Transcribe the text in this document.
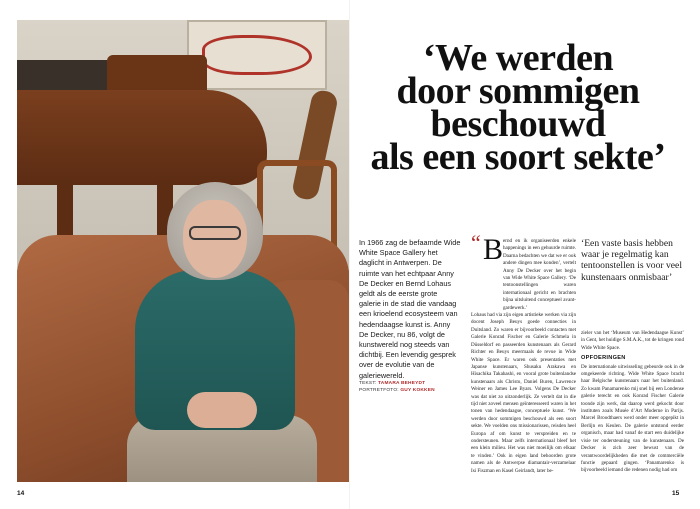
‘We werden
door sommigen
beschouwd
als een soort sekte’

In 1966 zag de befaamde Wide White Space Gallery het daglicht in Antwerpen. De ruimte van het echtpaar Anny De Decker en Bernd Lohaus geldt als de eerste grote galerie in de stad die vandaag een krioelend ecosysteem van hedendaagse kunst is. Anny De Decker, nu 86, volgt de kunstwereld nog steeds van dichtbij. Een levendig gesprek over de evolutie van de galeriewereld.

TEKST: TAMARA BEHEYDT
PORTRETFOTO: GUY KOKKEN
“ B ernd en ik organiseerden enkele happenings in een gehuurde ruimte. Daarna bedachten we dat we er ook andere dingen mee konden’, vertelt Anny De Decker over het begin van Wide White Space Gallery. ‘De tentoonstellingen waren internationaal gericht en brachten bijna uitsluitend conceptueel avant-gardewerk.’

Lohaus had via zijn eigen artistieke werken via zijn docent Joseph Beuys goede connecties in Duitsland. Zo waren er bijvoorbeeld contacten met Galerie Konrad Fischer en Galerie Schmela in Düsseldorf en passeerden kunstenaars als Gerard Richter en Beuys meermaals de revue in Wide White Space. Er waren ook presentaties met Japanse kunstenaars, Shusaku Arakawa en Hisachika Takahashi, en vooral grote buitenlandse kunstenaars als Christo, Daniel Buren, Lawrence Weiner en James Lee Byars. Volgens De Decker was dat niet zo uitzonderlijk. Ze vertelt dat in die tijd niet zoveel mensen geïnteresseerd waren in het tonen van hedendaagse, conceptuele kunst. ‘We werden door sommigen beschouwd als een soort sekte. We voelden ons missionarissen, reisden heel Europa af om kunst te verspreiden en te ondersteunen. Maar zelfs internationaal bleef het een klein milieu. Het was niet moeilijk om elkaar te vinden.’ Ook in eigen land behoorden grote namen als de Antwerpse diamantair-verzamelaar Isi Fiszman en Kasel Geirlandt, later be-

‘Een vaste basis hebben waar je regelmatig kan tentoonstellen is voor veel kunstenaars onmisbaar’

zieler van het ‘Museum van Hedendaagse Kunst’ in Gent, het huidige S.M.A.K., tot de kringen rond Wide White Space.

OPFOERINGEN

De internationale uitwisseling gebeurde ook in de omgekeerde richting. Wide White Space bracht haar Belgische kunstenaars naar het buitenland. Zo kwam Panamarenko mij snel bij een Londense galerie terecht en ook Konrad Fischer Galerie toonde zijn werk, dat daarop werd gekocht door instituten zoals Musée d’Art Moderne in Parijs. Marcel Broodthaers werd onder meer opgepikt in Berlijn en Keulen. De galerie ontstond eerder organisch, maar had vanaf de start een duidelijke visie ter ondersteuning van de kunstenaars. De Decker is zich zeer bewust van de verantwoordelijkheden die met de commerciële functie gepaard gingen. ‘Panamarenko is bijvoorbeeld iemand die redenen nodig had om

14	15
